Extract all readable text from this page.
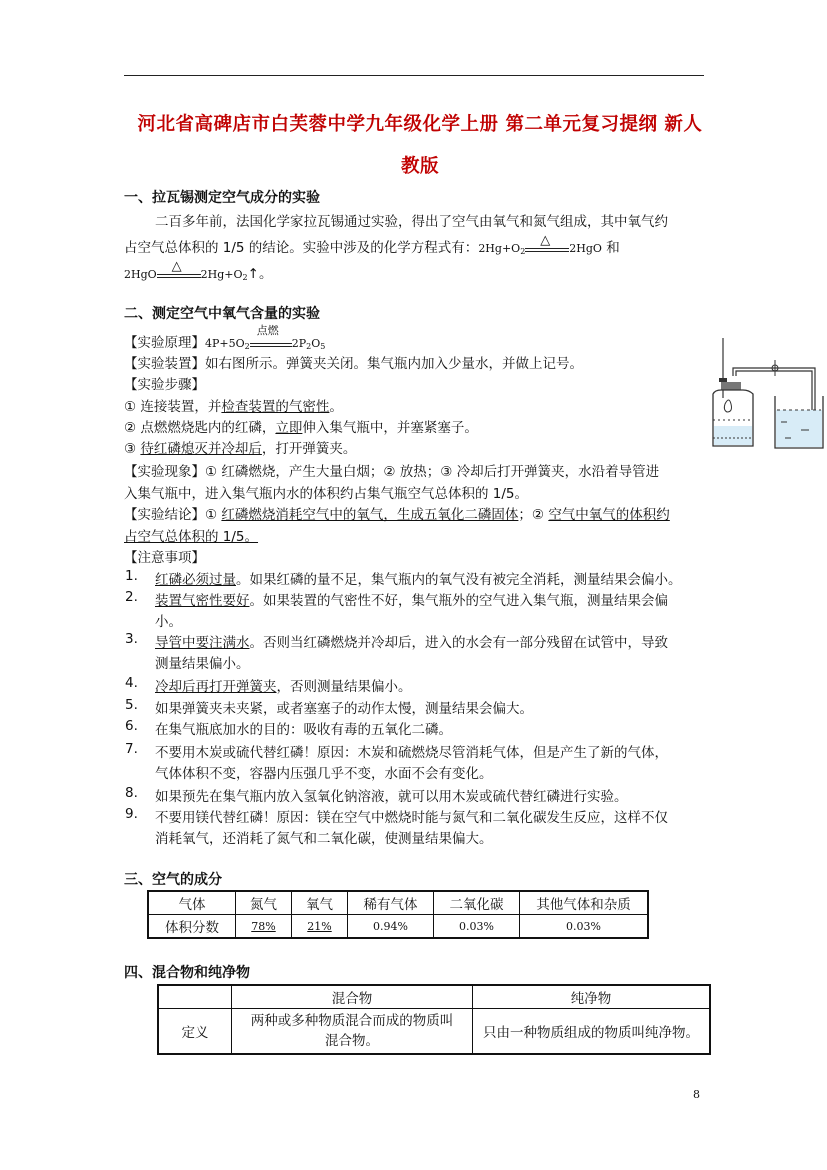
河北省高碑店市白芙蓉中学九年级化学上册 第二单元复习提纲 新人
教版
一、拉瓦锡测定空气成分的实验
二百多年前，法国化学家拉瓦锡通过实验，得出了空气由氧气和氮气组成，其中氧气约
占空气总体积的 1/5 的结论。实验中涉及的化学方程式有：$2Hg+O_2$
△
2HgO 和
2HgO
△
$2Hg+O_2↑$。
二、测定空气中氧气含量的实验
【实验原理】$4P+5O_2$
点燃
$2P_2O_5$
【实验装置】如右图所示。弹簧夹关闭。集气瓶内加入少量水，并做上记号。
【实验步骤】
① 连接装置，并检查装置的气密性。
② 点燃燃烧匙内的红磷，立即伸入集气瓶中，并塞紧塞子。
③ 待红磷熄灭并冷却后，打开弹簧夹。
【实验现象】① 红磷燃烧，产生大量白烟；② 放热；③ 冷却后打开弹簧夹，水沿着导管进
入集气瓶中，进入集气瓶内水的体积约占集气瓶空气总体积的 1/5。
【实验结论】① 红磷燃烧消耗空气中的氧气，生成五氧化二磷固体；② 空气中氧气的体积约
占空气总体积的 1/5。
【注意事项】
1. 红磷必须过量。如果红磷的量不足，集气瓶内的氧气没有被完全消耗，测量结果会偏小。
2. 装置气密性要好。如果装置的气密性不好，集气瓶外的空气进入集气瓶，测量结果会偏
小。
3. 导管中要注满水。否则当红磷燃烧并冷却后，进入的水会有一部分残留在试管中，导致
测量结果偏小。
4. 冷却后再打开弹簧夹，否则测量结果偏小。
5. 如果弹簧夹未夹紧，或者塞塞子的动作太慢，测量结果会偏大。
6. 在集气瓶底加水的目的：吸收有毒的五氧化二磷。
7. 不要用木炭或硫代替红磷！原因：木炭和硫燃烧尽管消耗气体，但是产生了新的气体，
气体体积不变，容器内压强几乎不变，水面不会有变化。
8. 如果预先在集气瓶内放入氢氧化钠溶液，就可以用木炭或硫代替红磷进行实验。
9. 不要用镁代替红磷！原因：镁在空气中燃烧时能与氮气和二氧化碳发生反应，这样不仅
消耗氧气，还消耗了氮气和二氧化碳，使测量结果偏大。
三、空气的成分
气体	氮气	氧气	稀有气体	二氧化碳	其他气体和杂质
体积分数	78%	21%	0.94%	0.03%	0.03%
四、混合物和纯净物
	混合物	纯净物
定义	两种或多种物质混合而成的物质叫
混合物。	只由一种物质组成的物质叫纯净物。
8
